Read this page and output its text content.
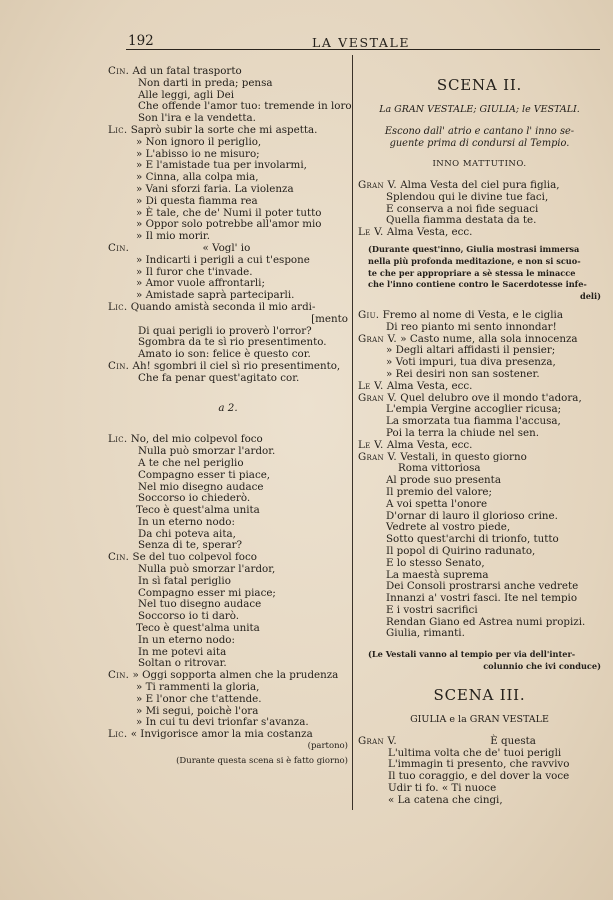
192	LA VESTALE
Cin. Ad un fatal trasporto
Non darti in preda; pensa
Alle leggi, agli Dei
Che offende l'amor tuo: tremende in loro
Son l'ira e la vendetta.
Lic. Saprò subir la sorte che mi aspetta.
» Non ignoro il periglio,
» L'abisso io ne misuro;
» E l'amistade tua per involarmi,
» Cinna, alla colpa mia,
» Vani sforzi faria. La violenza
» Di questa fiamma rea
» È tale, che de' Numi il poter tutto
» Oppor solo potrebbe all'amor mio
» Il mio morir.
Cin.	« Vogl' io
» Indicarti i perigli a cui t'espone
» Il furor che t'invade.
» Amor vuole affrontarli;
» Amistade saprà parteciparli.
Lic. Quando amistà seconda il mio ardi-
[mento
Di quai perigli io proverò l'orror?
Sgombra da te sì rio presentimento.
Amato io son: felice è questo cor.
Cin. Ah! sgombri il ciel sì rio presentimento,
Che fa penar quest'agitato cor.
a 2.
Lic. No, del mio colpevol foco
Nulla può smorzar l'ardor.
A te che nel periglio
Compagno esser ti piace,
Nel mio disegno audace
Soccorso io chiederò.
Teco è quest'alma unita
In un eterno nodo:
Da chi poteva aita,
Senza di te, sperar?
Cin. Se del tuo colpevol foco
Nulla può smorzar l'ardor,
In sì fatal periglio
Compagno esser mi piace;
Nel tuo disegno audace
Soccorso io ti darò.
Teco è quest'alma unita
In un eterno nodo:
In me potevi aita
Soltan o ritrovar.
Cin. » Oggi sopporta almen che la prudenza
» Ti rammenti la gloria,
» E l'onor che t'attende.
» Mi segui, poichè l'ora
» In cui tu devi trionfar s'avanza.
Lic. « Invigorisce amor la mia costanza
(partono)
(Durante questa scena si è fatto giorno)
SCENA II.
La GRAN VESTALE; GIULIA; le VESTALI.
Escono dall' atrio e cantano l' inno se-
guente prima di condursi al Tempio.
INNO MATTUTINO.
Gran V. Alma Vesta del ciel pura figlia,
Splendou qui le divine tue faci,
E conserva a noi fide seguaci
Quella fiamma destata da te.
Le V. Alma Vesta, ecc.
(Durante quest'inno, Giulia mostrasi immersa
nella più profonda meditazione, e non si scuo-
te che per appropriare a sè stessa le minacce
che l'inno contiene contro le Sacerdotesse infe-
deli)
Giu. Fremo al nome di Vesta, e le ciglia
Di reo pianto mi sento innondar!
Gran V. » Casto nume, alla sola innocenza
» Degli altari affidasti il pensier;
» Voti impuri, tua diva presenza,
» Rei desiri non san sostener.
Le V. Alma Vesta, ecc.
Gran V. Quel delubro ove il mondo t'adora,
L'empia Vergine accoglier ricusa;
La smorzata tua fiamma l'accusa,
Poi la terra la chiude nel sen.
Le V. Alma Vesta, ecc.
Gran V. Vestali, in questo giorno
Roma vittoriosa
Al prode suo presenta
Il premio del valore;
A voi spetta l'onore
D'ornar di lauro il glorioso crine.
Vedrete al vostro piede,
Sotto quest'archi di trionfo, tutto
Il popol di Quirino radunato,
E lo stesso Senato,
La maestà suprema
Dei Consoli prostrarsi anche vedrete
Innanzi a' vostri fasci. Ite nel tempio
E i vostri sacrifici
Rendan Giano ed Astrea numi propizi.
Giulia, rimanti.
(Le Vestali vanno al tempio per via dell'inter-
colunnio che ivi conduce)
SCENA III.
GIULIA e la GRAN VESTALE
Gran V.	È questa
L'ultima volta che de' tuoi perigli
L'immagin ti presento, che ravvivo
Il tuo coraggio, e del dover la voce
Udir ti fo. « Ti nuoce
« La catena che cingi,
